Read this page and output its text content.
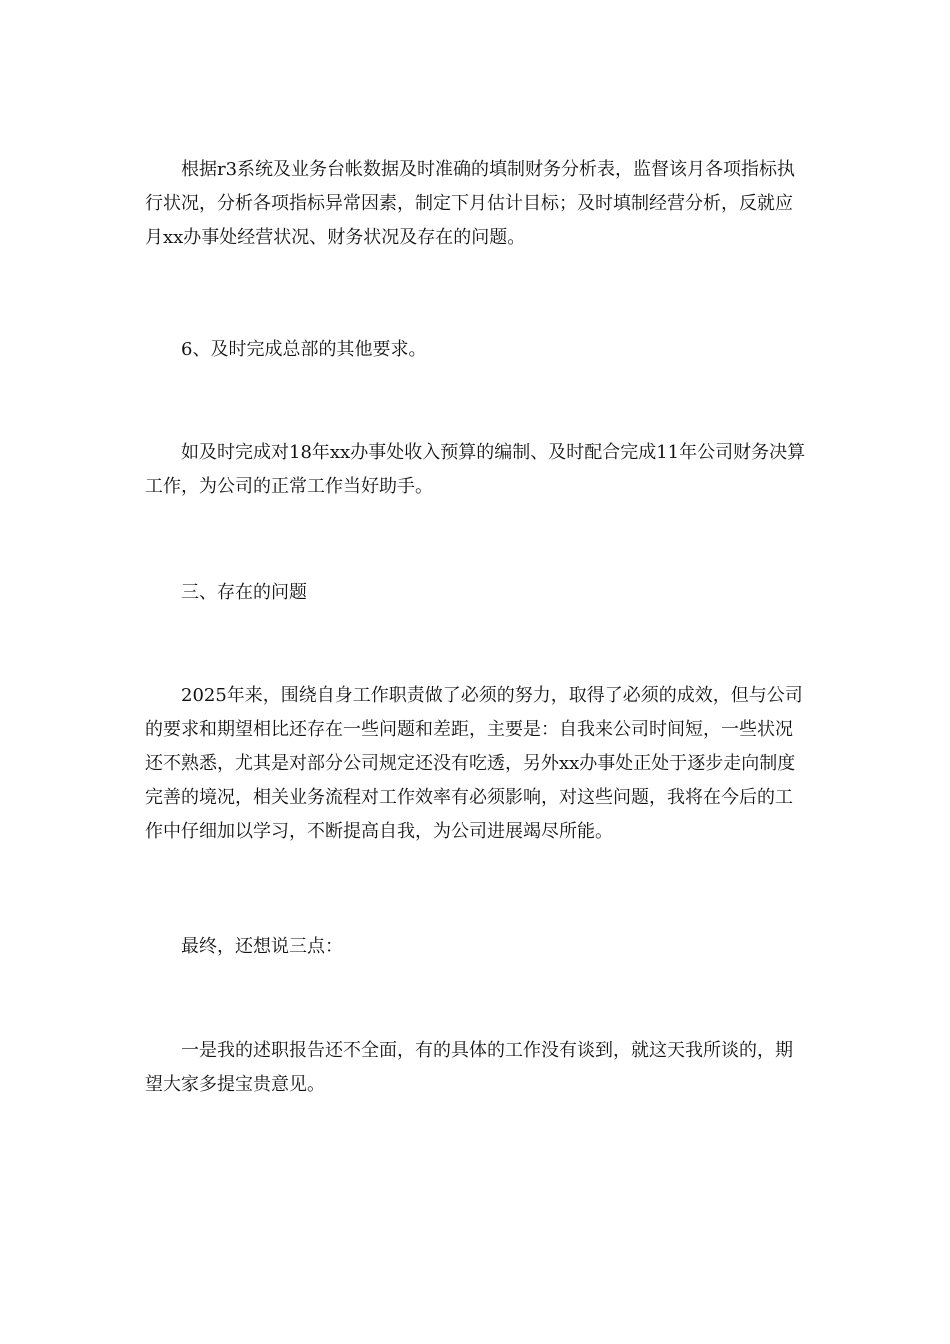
根据r3系统及业务台帐数据及时准确的填制财务分析表，监督该月各项指标执行状况，分析各项指标异常因素，制定下月估计目标；及时填制经营分析，反就应月xx办事处经营状况、财务状况及存在的问题。

6、及时完成总部的其他要求。

如及时完成对18年xx办事处收入预算的编制、及时配合完成11年公司财务决算工作，为公司的正常工作当好助手。

三、存在的问题

2025年来，围绕自身工作职责做了必须的努力，取得了必须的成效，但与公司的要求和期望相比还存在一些问题和差距，主要是：自我来公司时间短，一些状况还不熟悉，尤其是对部分公司规定还没有吃透，另外xx办事处正处于逐步走向制度完善的境况，相关业务流程对工作效率有必须影响，对这些问题，我将在今后的工作中仔细加以学习，不断提高自我，为公司进展竭尽所能。

最终，还想说三点：

一是我的述职报告还不全面，有的具体的工作没有谈到，就这天我所谈的，期望大家多提宝贵意见。
